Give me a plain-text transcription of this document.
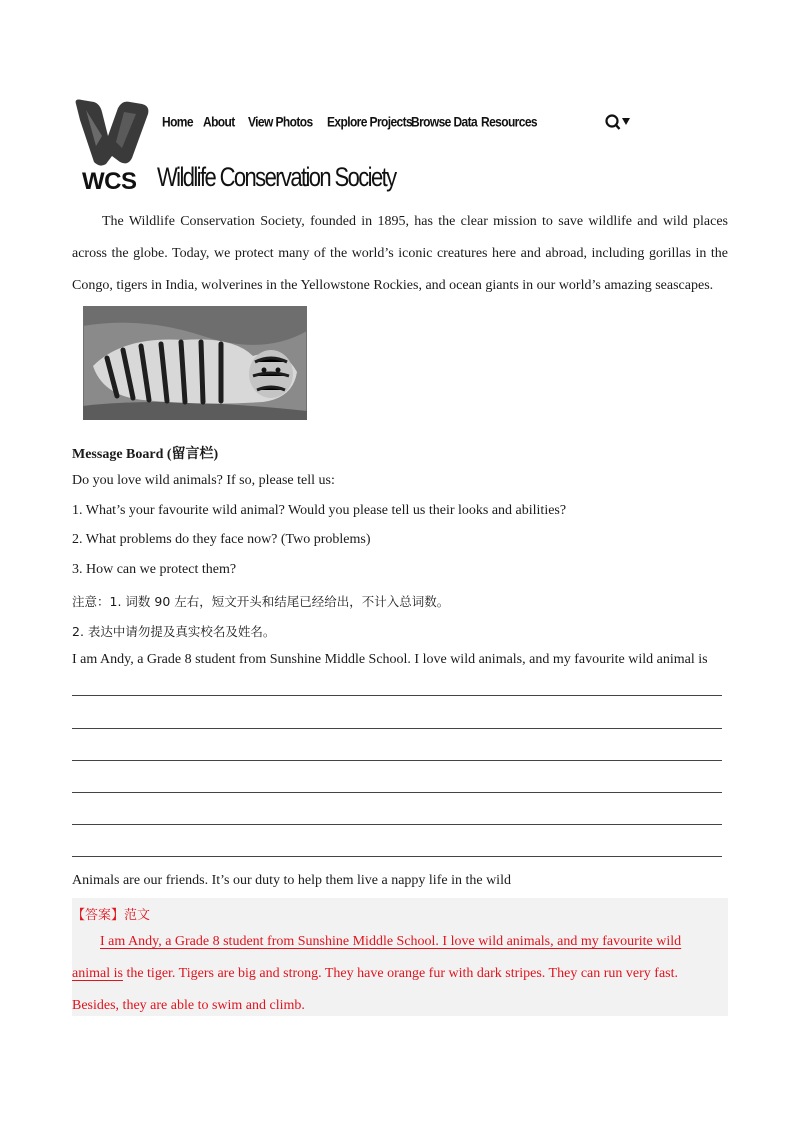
WCS
Home About View Photos Explore Projects
Browse Data Resources
Wildlife Conservation Society

The Wildlife Conservation Society, founded in 1895, has the clear mission to save wildlife and wild places across the globe. Today, we protect many of the world’s iconic creatures here and abroad, including gorillas in the Congo, tigers in India, wolverines in the Yellowstone Rockies, and ocean giants in our world’s amazing seascapes.

Message Board (留言栏)
Do you love wild animals? If so, please tell us:
1. What’s your favourite wild animal? Would you please tell us their looks and abilities?
2. What problems do they face now? (Two problems)
3. How can we protect them?
注意：1. 词数 90 左右，短文开头和结尾已经给出，不计入总词数。
2. 表达中请勿提及真实校名及姓名。
I am Andy, a Grade 8 student from Sunshine Middle School. I love wild animals, and my favourite wild animal is
Animals are our friends. It’s our duty to help them live a nappy life in the wild
【答案】范文

I am Andy, a Grade 8 student from Sunshine Middle School. I love wild animals, and my favourite wild animal is the tiger. Tigers are big and strong. They have orange fur with dark stripes. They can run very fast. Besides, they are able to swim and climb.
